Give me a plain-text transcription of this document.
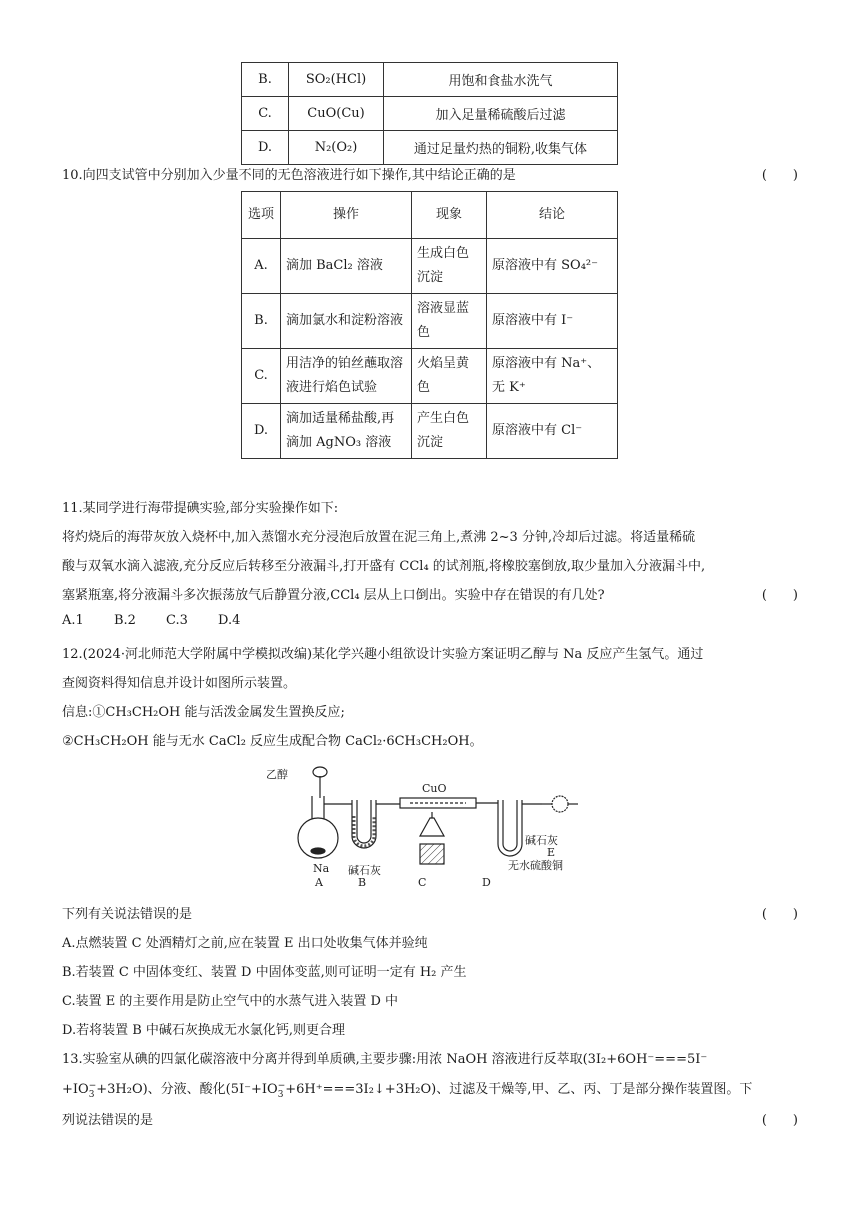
B.	SO₂(HCl)	用饱和食盐水洗气
C.	CuO(Cu)	加入足量稀硫酸后过滤
D.	N₂(O₂)	通过足量灼热的铜粉,收集气体
10.向四支试管中分别加入少量不同的无色溶液进行如下操作,其中结论正确的是	(　　)
选项	操作	现象	结论
A.	滴加 BaCl₂ 溶液	生成白色沉淀	原溶液中有 SO₄²⁻
B.	滴加氯水和淀粉溶液	溶液显蓝色	原溶液中有 I⁻
C.	用洁净的铂丝蘸取溶液进行焰色试验	火焰呈黄色	原溶液中有 Na⁺、无 K⁺
D.	滴加适量稀盐酸,再滴加 AgNO₃ 溶液	产生白色沉淀	原溶液中有 Cl⁻
11.某同学进行海带提碘实验,部分实验操作如下:
将灼烧后的海带灰放入烧杯中,加入蒸馏水充分浸泡后放置在泥三角上,煮沸 2~3 分钟,冷却后过滤。将适量稀硫
酸与双氧水滴入滤液,充分反应后转移至分液漏斗,打开盛有 CCl₄ 的试剂瓶,将橡胶塞倒放,取少量加入分液漏斗中,
塞紧瓶塞,将分液漏斗多次振荡放气后静置分液,CCl₄ 层从上口倒出。实验中存在错误的有几处?	(　　)
A.1 B.2 C.3 D.4
12.(2024·河北师范大学附属中学模拟改编)某化学兴趣小组欲设计实验方案证明乙醇与 Na 反应产生氢气。通过
查阅资料得知信息并设计如图所示装置。
信息:①CH₃CH₂OH 能与活泼金属发生置换反应;
②CH₃CH₂OH 能与无水 CaCl₂ 反应生成配合物 CaCl₂·6CH₃CH₂OH。
乙醇
Na
A
碱石灰
B
CuO
C	D
碱石灰
E
无水硫酸铜
下列有关说法错误的是	(　　)
A.点燃装置 C 处酒精灯之前,应在装置 E 出口处收集气体并验纯
B.若装置 C 中固体变红、装置 D 中固体变蓝,则可证明一定有 H₂ 产生
C.装置 E 的主要作用是防止空气中的水蒸气进入装置 D 中
D.若将装置 B 中碱石灰换成无水氯化钙,则更合理
13.实验室从碘的四氯化碳溶液中分离并得到单质碘,主要步骤:用浓 NaOH 溶液进行反萃取(3I₂+6OH⁻===5I⁻
+IO −
3 +3H₂O)、分液、酸化(5I⁻+IO −
3 +6H⁺===3I₂↓+3H₂O)、过滤及干燥等,甲、乙、丙、丁是部分操作装置图。下
列说法错误的是	(　　)
